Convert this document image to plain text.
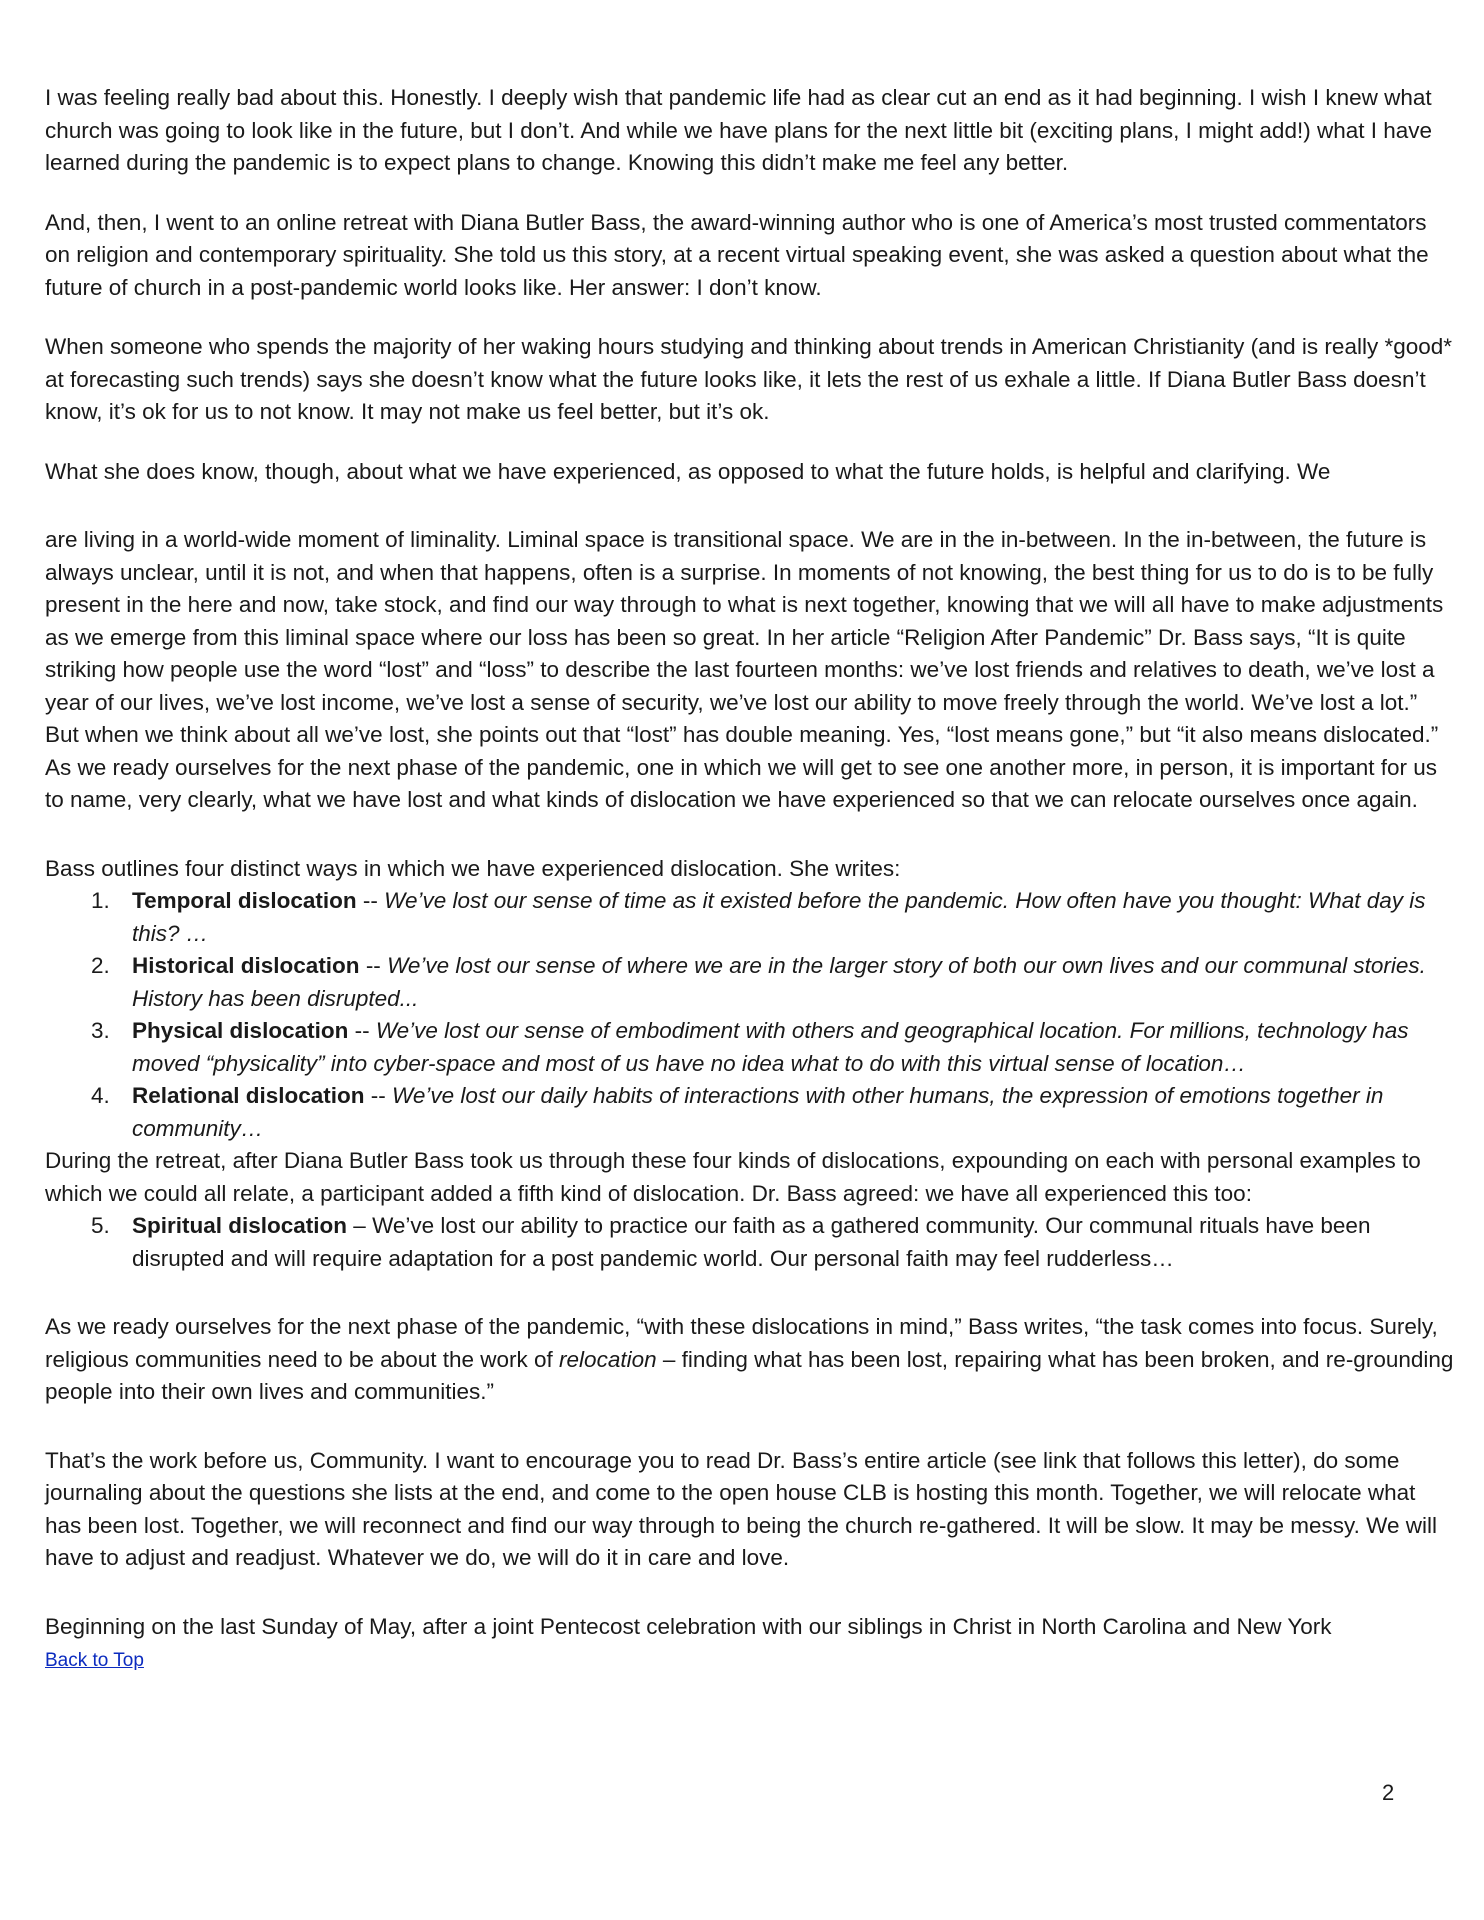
I was feeling really bad about this. Honestly. I deeply wish that pandemic life had as clear cut an end as it had beginning. I wish I knew what church was going to look like in the future, but I don’t. And while we have plans for the next little bit (exciting plans, I might add!) what I have learned during the pandemic is to expect plans to change. Knowing this didn’t make me feel any better.

And, then, I went to an online retreat with Diana Butler Bass, the award-winning author who is one of America’s most trusted commentators on religion and contemporary spirituality. She told us this story, at a recent virtual speaking event, she was asked a question about what the future of church in a post-pandemic world looks like. Her answer: I don’t know.

When someone who spends the majority of her waking hours studying and thinking about trends in American Christianity (and is really *good* at forecasting such trends) says she doesn’t know what the future looks like, it lets the rest of us exhale a little. If Diana Butler Bass doesn’t know, it’s ok for us to not know. It may not make us feel better, but it’s ok.

What she does know, though, about what we have experienced, as opposed to what the future holds, is helpful and clarifying. We

are living in a world-wide moment of liminality. Liminal space is transitional space. We are in the in-between. In the in-between, the future is always unclear, until it is not, and when that happens, often is a surprise. In moments of not knowing, the best thing for us to do is to be fully present in the here and now, take stock, and find our way through to what is next together, knowing that we will all have to make adjustments as we emerge from this liminal space where our loss has been so great. In her article “Religion After Pandemic” Dr. Bass says, “It is quite striking how people use the word “lost” and “loss” to describe the last fourteen months: we’ve lost friends and relatives to death, we’ve lost a year of our lives, we’ve lost income, we’ve lost a sense of security, we’ve lost our ability to move freely through the world. We’ve lost a lot.” But when we think about all we’ve lost, she points out that “lost” has double meaning. Yes, “lost means gone,” but “it also means dislocated.” As we ready ourselves for the next phase of the pandemic, one in which we will get to see one another more, in person, it is important for us to name, very clearly, what we have lost and what kinds of dislocation we have experienced so that we can relocate ourselves once again.

Bass outlines four distinct ways in which we have experienced dislocation. She writes:

1. Temporal dislocation -- We’ve lost our sense of time as it existed before the pandemic. How often have you thought: What day is this? …
2. Historical dislocation -- We’ve lost our sense of where we are in the larger story of both our own lives and our communal stories. History has been disrupted...
3. Physical dislocation -- We’ve lost our sense of embodiment with others and geographical location. For millions, technology has moved “physicality” into cyber-space and most of us have no idea what to do with this virtual sense of location…
4. Relational dislocation -- We’ve lost our daily habits of interactions with other humans, the expression of emotions together in community…

During the retreat, after Diana Butler Bass took us through these four kinds of dislocations, expounding on each with personal examples to which we could all relate, a participant added a fifth kind of dislocation. Dr. Bass agreed: we have all experienced this too:

5. Spiritual dislocation – We’ve lost our ability to practice our faith as a gathered community. Our communal rituals have been disrupted and will require adaptation for a post pandemic world. Our personal faith may feel rudderless…

As we ready ourselves for the next phase of the pandemic, “with these dislocations in mind,” Bass writes, “the task comes into focus. Surely, religious communities need to be about the work of relocation – finding what has been lost, repairing what has been broken, and re-grounding people into their own lives and communities.”

That’s the work before us, Community. I want to encourage you to read Dr. Bass’s entire article (see link that follows this letter), do some journaling about the questions she lists at the end, and come to the open house CLB is hosting this month. Together, we will relocate what has been lost. Together, we will reconnect and find our way through to being the church re-gathered. It will be slow. It may be messy. We will have to adjust and readjust. Whatever we do, we will do it in care and love.

Beginning on the last Sunday of May, after a joint Pentecost celebration with our siblings in Christ in North Carolina and New York

Back to Top
2
